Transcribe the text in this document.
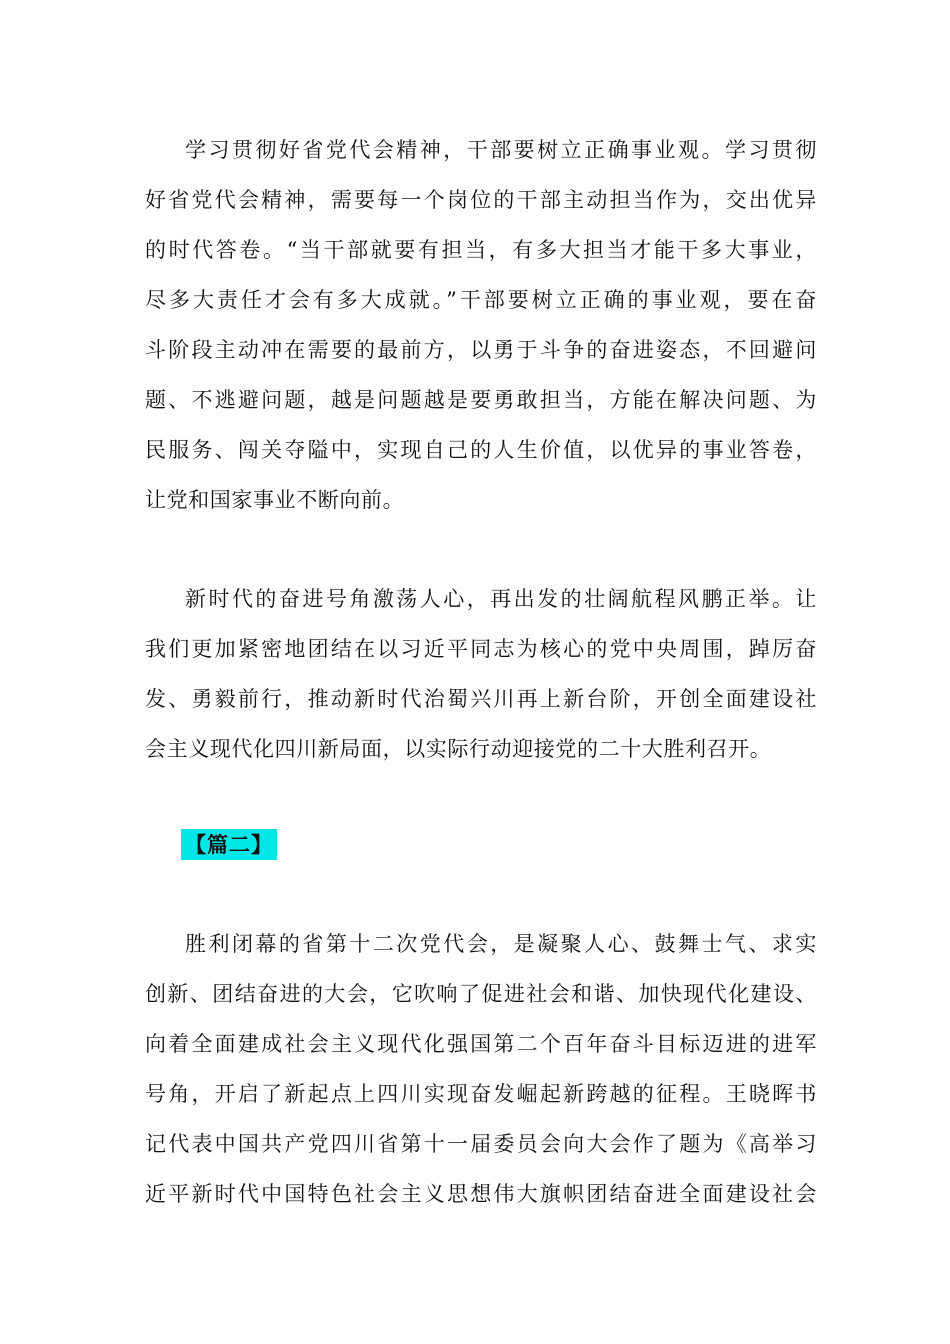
学习贯彻好省党代会精神，干部要树立正确事业观。学习贯彻
好省党代会精神，需要每一个岗位的干部主动担当作为，交出优异
的时代答卷。“当干部就要有担当，有多大担当才能干多大事业，
尽多大责任才会有多大成就。”干部要树立正确的事业观，要在奋
斗阶段主动冲在需要的最前方，以勇于斗争的奋进姿态，不回避问
题、不逃避问题，越是问题越是要勇敢担当，方能在解决问题、为
民服务、闯关夺隘中，实现自己的人生价值，以优异的事业答卷，
让党和国家事业不断向前。
新时代的奋进号角激荡人心，再出发的壮阔航程风鹏正举。让
我们更加紧密地团结在以习近平同志为核心的党中央周围，踔厉奋
发、勇毅前行，推动新时代治蜀兴川再上新台阶，开创全面建设社
会主义现代化四川新局面，以实际行动迎接党的二十大胜利召开。
【篇二】
胜利闭幕的省第十二次党代会，是凝聚人心、鼓舞士气、求实
创新、团结奋进的大会，它吹响了促进社会和谐、加快现代化建设、
向着全面建成社会主义现代化强国第二个百年奋斗目标迈进的进军
号角，开启了新起点上四川实现奋发崛起新跨越的征程。王晓晖书
记代表中国共产党四川省第十一届委员会向大会作了题为《高举习
近平新时代中国特色社会主义思想伟大旗帜团结奋进全面建设社会
